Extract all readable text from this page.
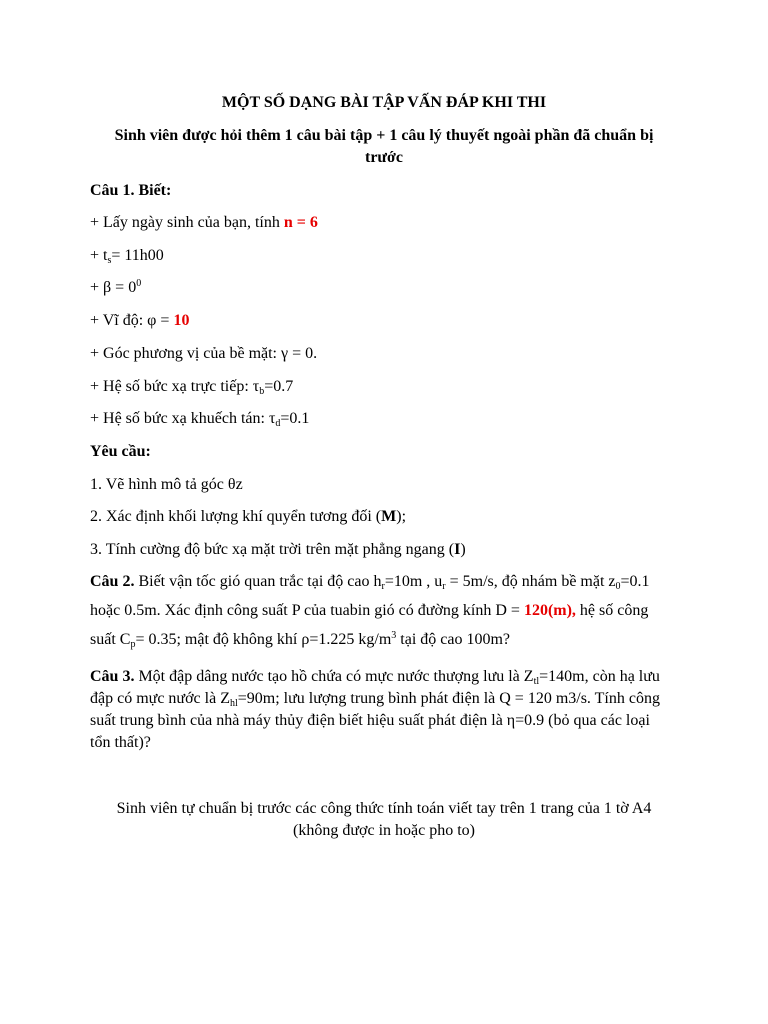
MỘT SỐ DẠNG BÀI TẬP VẤN ĐÁP KHI THI
Sinh viên được hỏi thêm 1 câu bài tập + 1 câu lý thuyết ngoài phần đã chuẩn bị
trước
Câu 1. Biết:
+ Lấy ngày sinh của bạn, tính n = 6
+ $t_s= 11h00$
+ $\beta = 0^0$
+ Vĩ độ: φ = 10
+ Góc phương vị của bề mặt: γ = 0.
+ Hệ số bức xạ trực tiếp: $\tau_b=0.7$
+ Hệ số bức xạ khuếch tán: $\tau_d=0.1$
Yêu cầu:
1. Vẽ hình mô tả góc θz
2. Xác định khối lượng khí quyển tương đối (M);
3. Tính cường độ bức xạ mặt trời trên mặt phẳng ngang (I)
Câu 2. Biết vận tốc gió quan trắc tại độ cao $h_r=10m$ , $u_r = 5m/s$, độ nhám bề mặt $z_0=0.1$
hoặc 0.5m. Xác định công suất P của tuabin gió có đường kính D = 120(m), hệ số công
suất $C_p= 0.35$; mật độ không khí ρ=1.225 $kg/m^3$ tại độ cao 100m?
Câu 3. Một đập dâng nước tạo hồ chứa có mực nước thượng lưu là $Z_{tl}=140m$, còn hạ lưu
đập có mực nước là $Z_{hl}=90m$; lưu lượng trung bình phát điện là Q = 120 m3/s. Tính công
suất trung bình của nhà máy thủy điện biết hiệu suất phát điện là η=0.9 (bỏ qua các loại
tổn thất)?
Sinh viên tự chuẩn bị trước các công thức tính toán viết tay trên 1 trang của 1 tờ A4
(không được in hoặc pho to)
